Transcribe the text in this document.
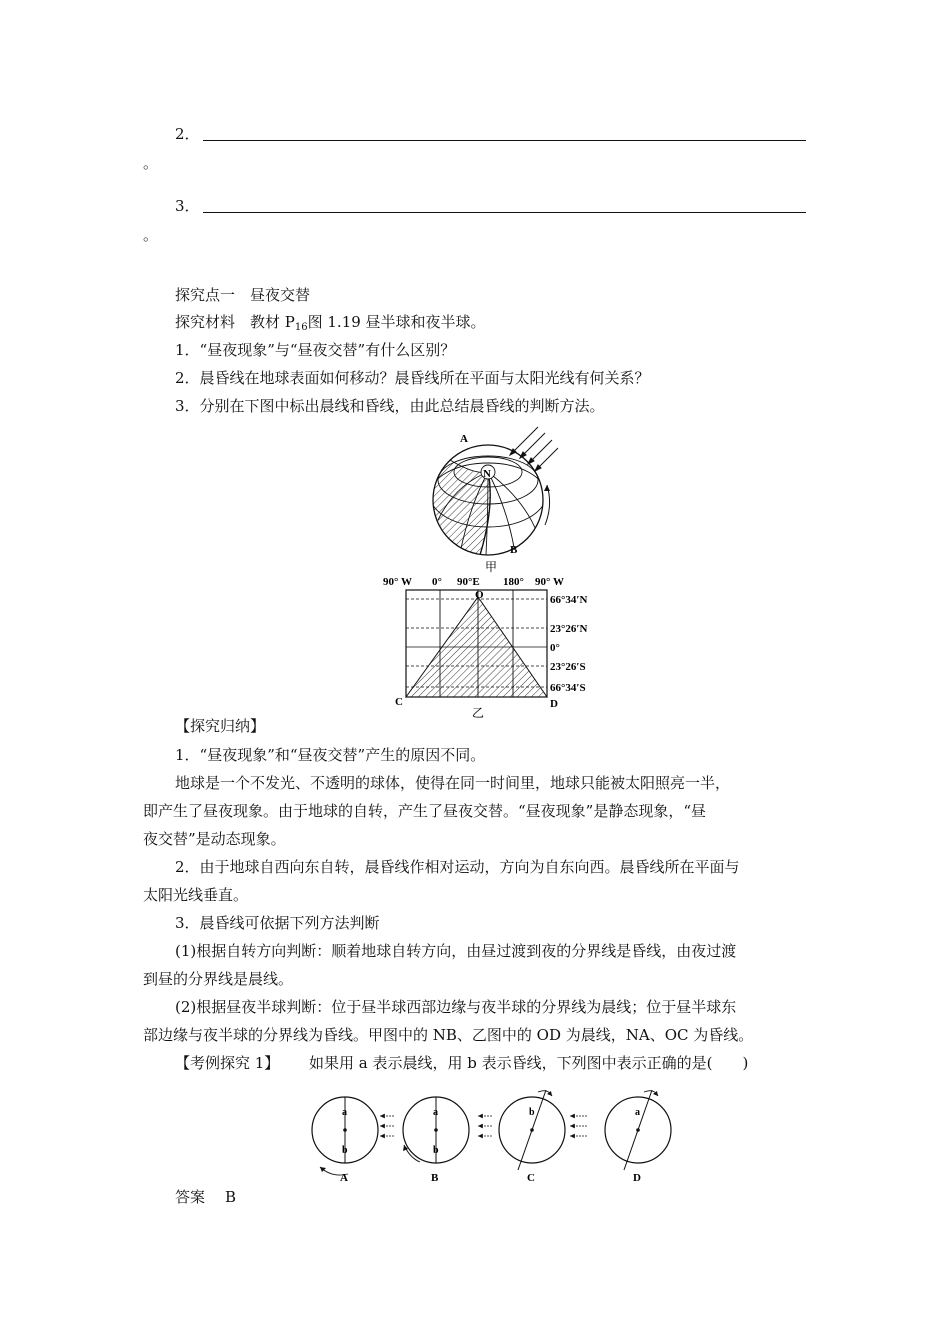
2．
。
3．
。
探究点一　昼夜交替
探究材料　教材 $P_{16}$图 1.19 昼半球和夜半球。
1．“昼夜现象”与“昼夜交替”有什么区别？
2．晨昏线在地球表面如何移动？晨昏线所在平面与太阳光线有何关系？
3．分别在下图中标出晨线和昏线，由此总结晨昏线的判断方法。
N
A
B
甲
90° W 0° 90°E 180° 90° W
O	66°34′N
23°26′N
0°
23°26′S
66°34′S
C	D
乙
【探究归纳】
1．“昼夜现象”和“昼夜交替”产生的原因不同。
地球是一个不发光、不透明的球体，使得在同一时间里，地球只能被太阳照亮一半，
即产生了昼夜现象。由于地球的自转，产生了昼夜交替。“昼夜现象”是静态现象，“昼
夜交替”是动态现象。
2．由于地球自西向东自转，晨昏线作相对运动，方向为自东向西。晨昏线所在平面与
太阳光线垂直。
3．晨昏线可依据下列方法判断
(1)根据自转方向判断：顺着地球自转方向，由昼过渡到夜的分界线是昏线，由夜过渡
到昼的分界线是晨线。
(2)根据昼夜半球判断：位于昼半球西部边缘与夜半球的分界线为晨线；位于昼半球东
部边缘与夜半球的分界线为昏线。甲图中的 NB、乙图中的 OD 为晨线，NA、OC 为昏线。
【考例探究 1】 如果用 a 表示晨线，用 b 表示昏线，下列图中表示正确的是(　　)
a
b
A
a
b
B
b
C
a
D
答案 B
